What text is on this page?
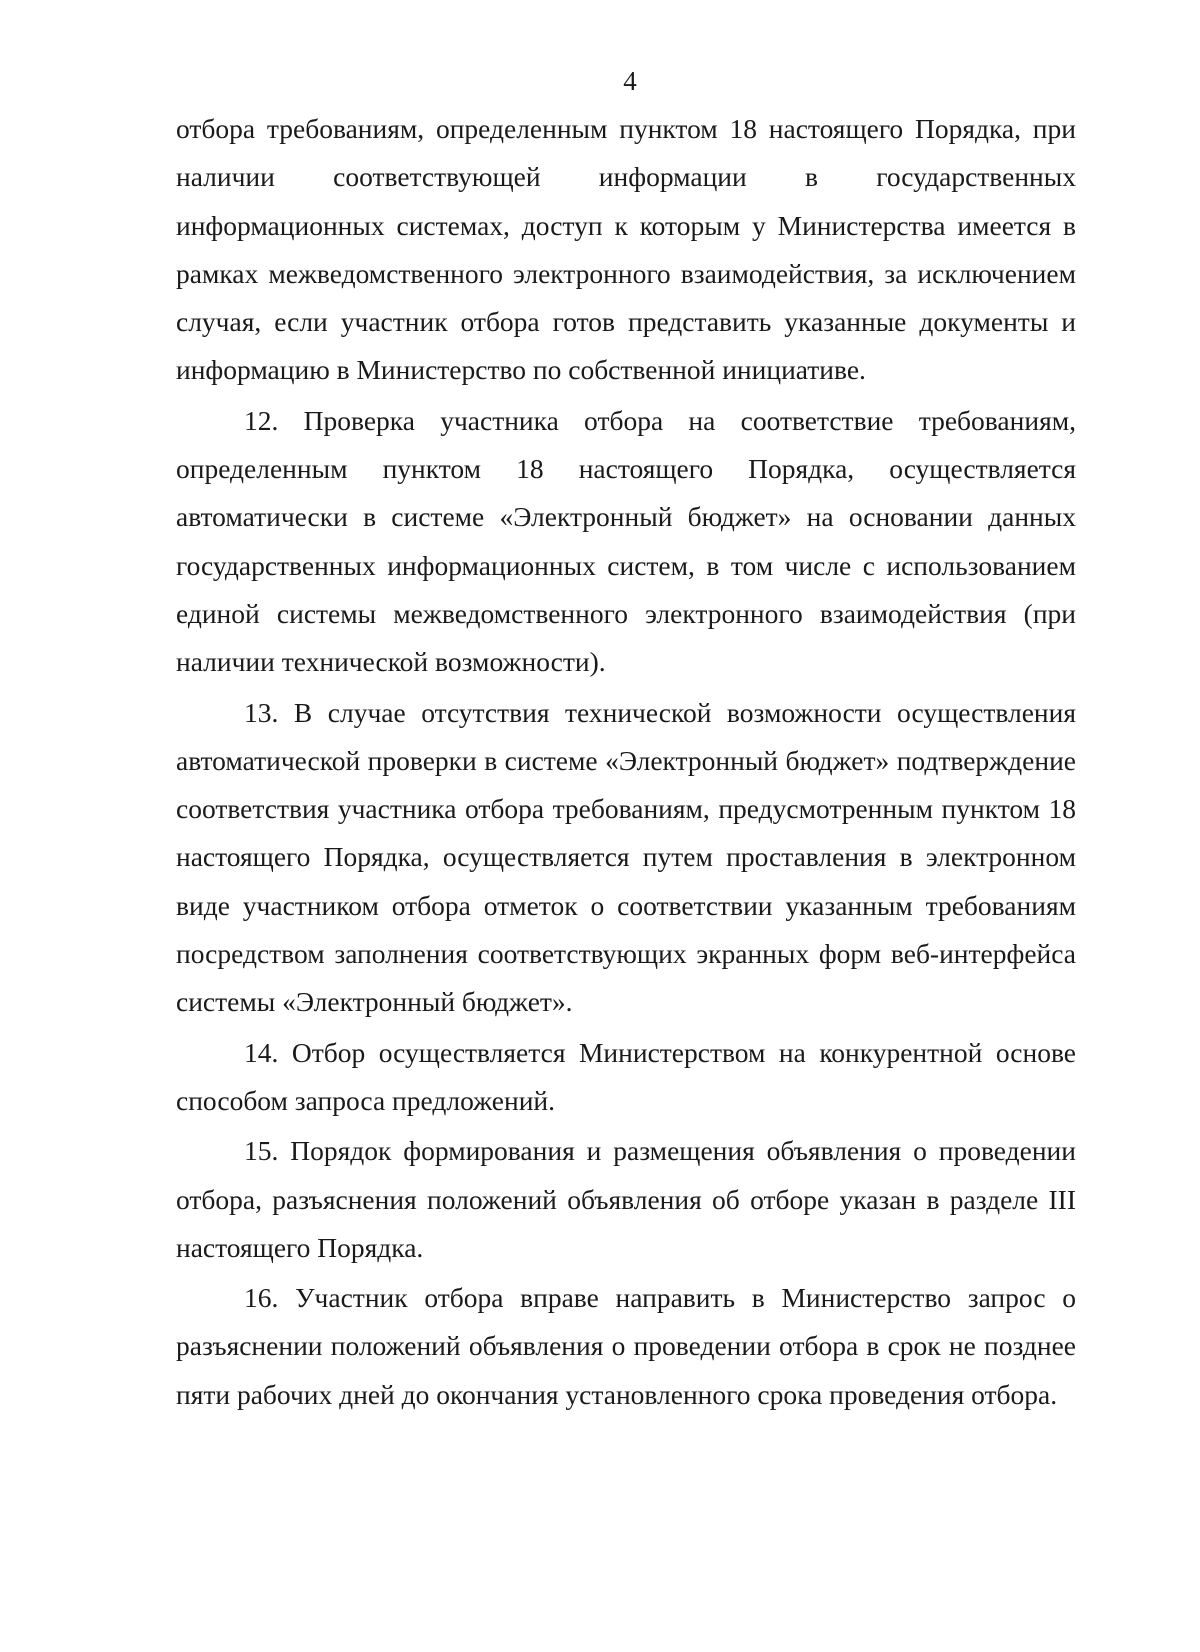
4

отбора требованиям, определенным пунктом 18 настоящего Порядка, при наличии соответствующей информации в государственных информационных системах, доступ к которым у Министерства имеется в рамках межведомственного электронного взаимодействия, за исключением случая, если участник отбора готов представить указанные документы и информацию в Министерство по собственной инициативе.

12. Проверка участника отбора на соответствие требованиям, определенным пунктом 18 настоящего Порядка, осуществляется автоматически в системе «Электронный бюджет» на основании данных государственных информационных систем, в том числе с использованием единой системы межведомственного электронного взаимодействия (при наличии технической возможности).

13. В случае отсутствия технической возможности осуществления автоматической проверки в системе «Электронный бюджет» подтверждение соответствия участника отбора требованиям, предусмотренным пунктом 18 настоящего Порядка, осуществляется путем проставления в электронном виде участником отбора отметок о соответствии указанным требованиям посредством заполнения соответствующих экранных форм веб-интерфейса системы «Электронный бюджет».

14. Отбор осуществляется Министерством на конкурентной основе способом запроса предложений.

15. Порядок формирования и размещения объявления о проведении отбора, разъяснения положений объявления об отборе указан в разделе III настоящего Порядка.

16. Участник отбора вправе направить в Министерство запрос о разъяснении положений объявления о проведении отбора в срок не позднее пяти рабочих дней до окончания установленного срока проведения отбора.
